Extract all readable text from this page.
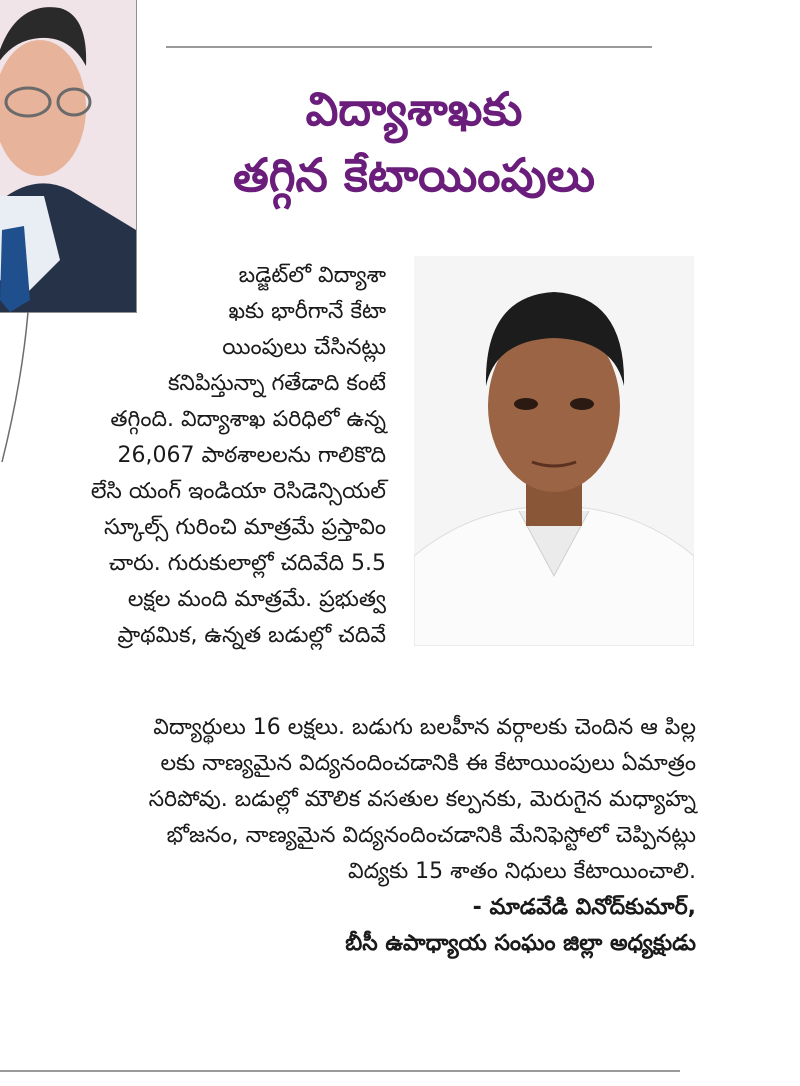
విద్యాశాఖకు
తగ్గిన కేటాయింపులు
బడ్జెట్‌లో విద్యాశా
ఖకు భారీగానే కేటా
యింపులు చేసినట్లు
కనిపిస్తున్నా గతేడాది కంటే
తగ్గింది. విద్యాశాఖ పరిధిలో ఉన్న
26,067 పాఠశాలలను గాలికొది
లేసి యంగ్ ఇండియా రెసిడెన్సియల్
స్కూల్స్ గురించి మాత్రమే ప్రస్తావిం
చారు. గురుకులాల్లో చదివేది 5.5
లక్షల మంది మాత్రమే. ప్రభుత్వ
ప్రాథమిక, ఉన్నత బడుల్లో చదివే
విద్యార్థులు 16 లక్షలు. బడుగు బలహీన వర్గాలకు చెందిన ఆ పిల్ల
లకు నాణ్యమైన విద్యనందించడానికి ఈ కేటాయింపులు ఏమాత్రం
సరిపోవు. బడుల్లో మౌలిక వసతుల కల్పనకు, మెరుగైన మధ్యాహ్న
భోజనం, నాణ్యమైన విద్యనందించడానికి మేనిఫెస్టోలో చెప్పినట్లు
విద్యకు 15 శాతం నిధులు కేటాయించాలి.
- మాడవేడి వినోద్‌కుమార్,
బీసీ ఉపాధ్యాయ సంఘం జిల్లా అధ్యక్షుడు
